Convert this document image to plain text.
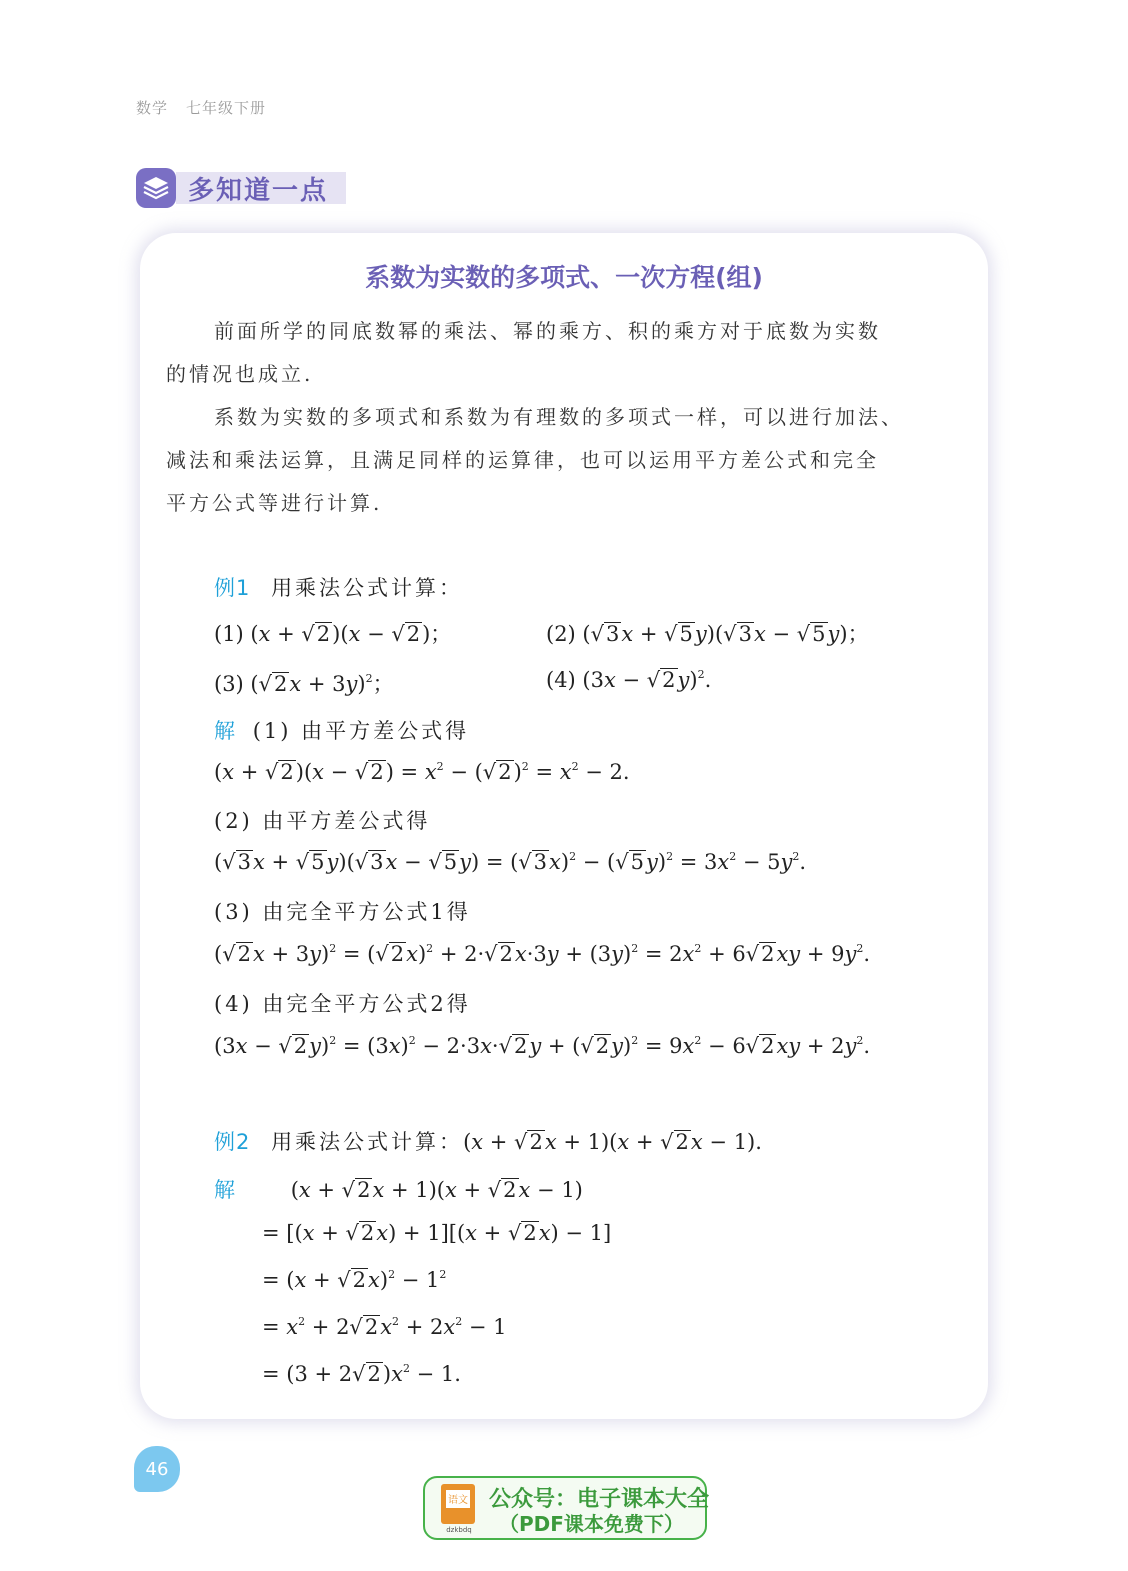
数学 七年级下册
多知道一点
系数为实数的多项式、一次方程(组)
前面所学的同底数幂的乘法、幂的乘方、积的乘方对于底数为实数
的情况也成立.
系数为实数的多项式和系数为有理数的多项式一样，可以进行加法、
减法和乘法运算，且满足同样的运算律，也可以运用平方差公式和完全
平方公式等进行计算.
例1 用乘法公式计算：
(1) (x + √2)(x − √2)；	(2) (√3x + √5y)(√3x − √5y)；
(3) $(√2x + 3y)^2$；	(4) $(3x - √2y)^2$.
解 (1) 由平方差公式得
$(x + √2)(x - √2) = x^2 - (√2)^2 = x^2 - 2$.
(2) 由平方差公式得
$(√3x + √5y)(√3x - √5y) = (√3x)^2 - (√5y)^2 = 3x^2 - 5y^2$.
(3) 由完全平方公式1得
$(√2x + 3y)^2 = (√2x)^2 + 2\cdot√2x\cdot 3y + (3y)^2 = 2x^2 + 6√2xy + 9y^2$.
(4) 由完全平方公式2得
$(3x - √2y)^2 = (3x)^2 - 2\cdot 3x\cdot√2y + (√2y)^2 = 9x^2 - 6√2xy + 2y^2$.
例2 用乘法公式计算：(x + √2x + 1)(x + √2x − 1).
解	(x + √2x + 1)(x + √2x − 1)
= [(x + √2x) + 1][(x + √2x) − 1]
= $(x + √2x)^2 - 1^2$
= $x^2 + 2√2x^2 + 2x^2 - 1$
= $(3 + 2√2)x^2 - 1$.
46
语文
dzkbdq
公众号：电子课本大全
（PDF课本免费下）
